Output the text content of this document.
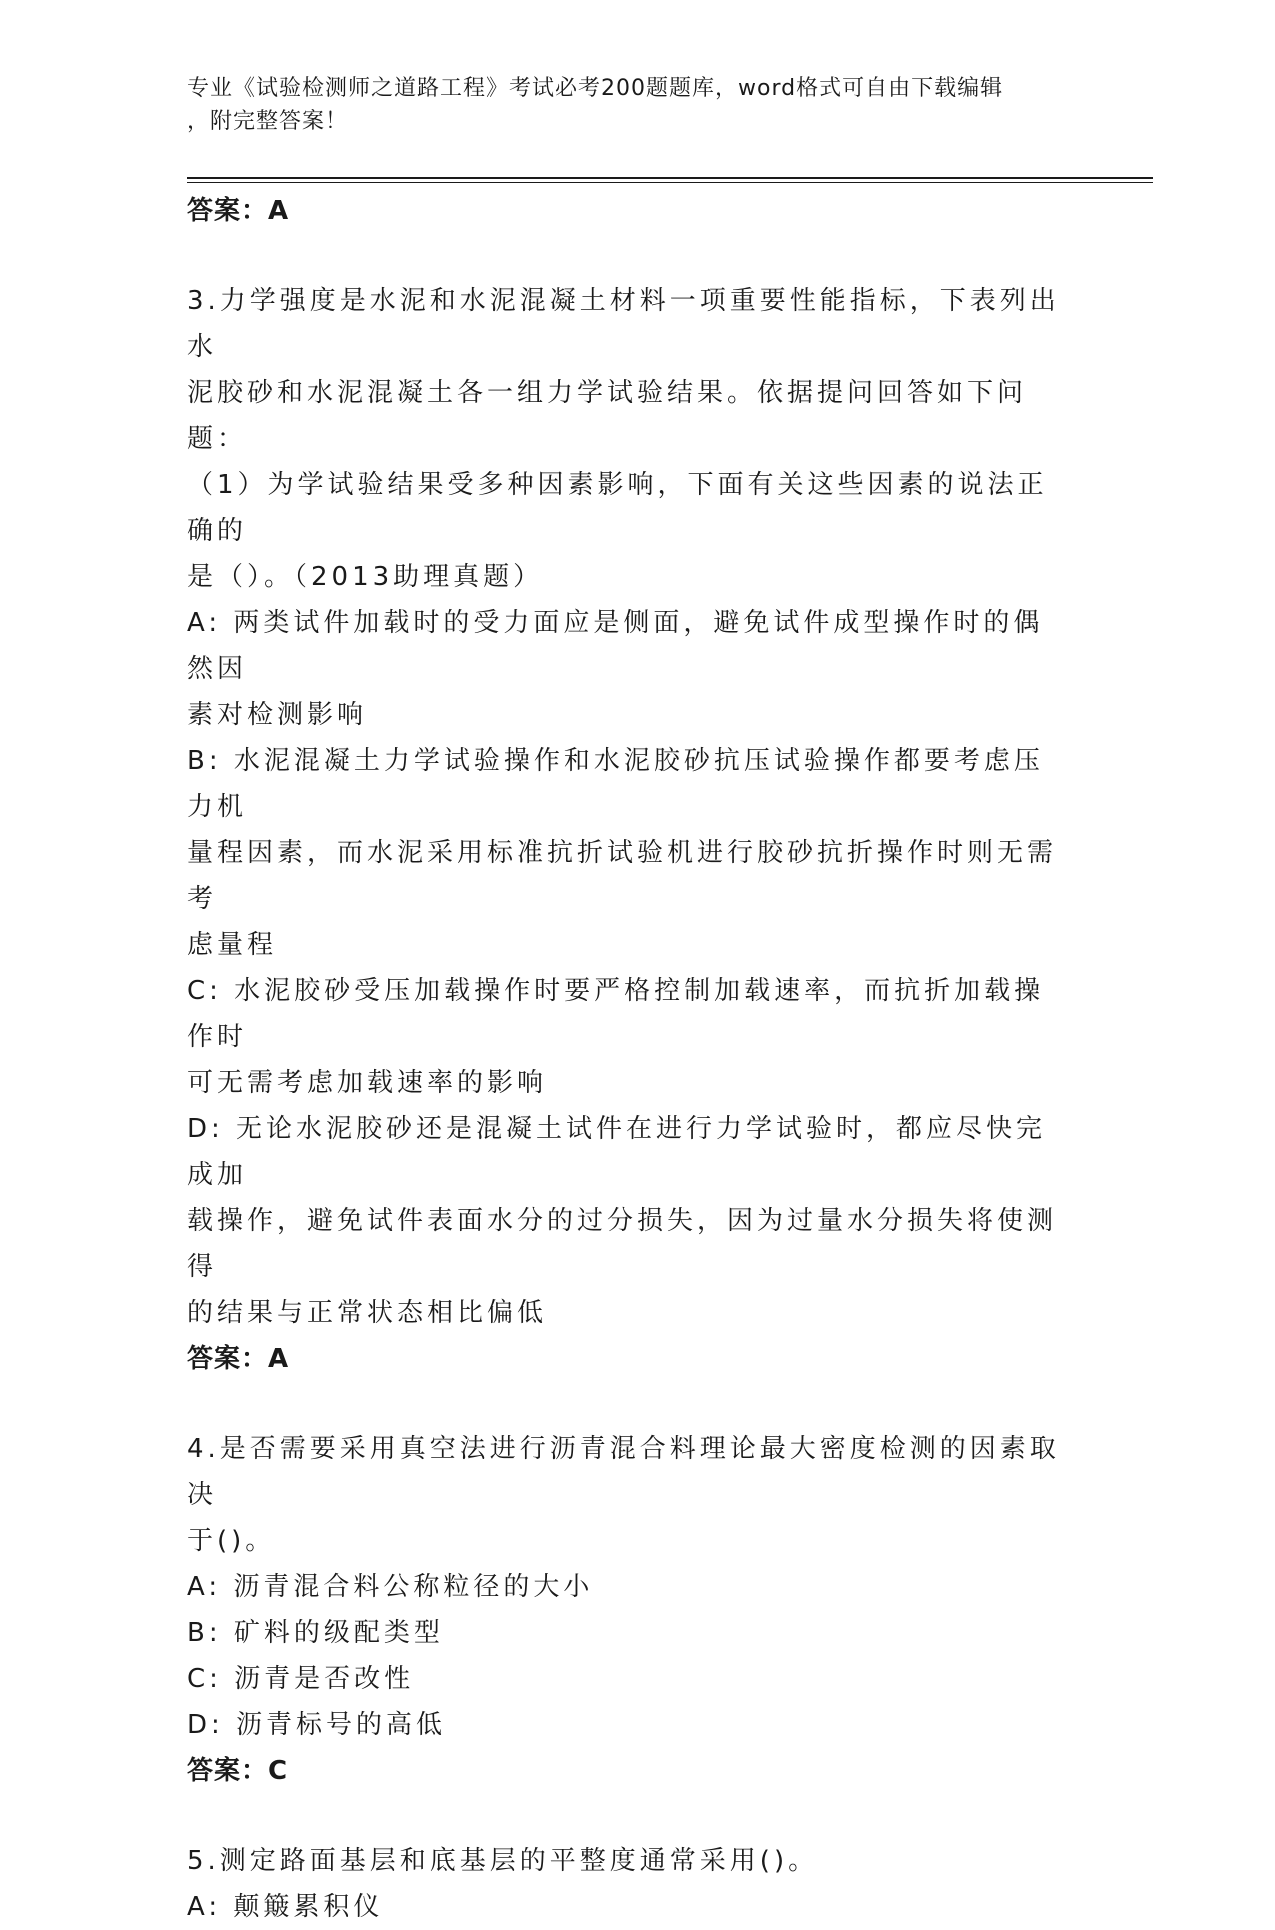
专业《试验检测师之道路工程》考试必考200题题库，word格式可自由下载编辑
，附完整答案！
答案：A
3.力学强度是水泥和水泥混凝土材料一项重要性能指标，下表列出水
泥胶砂和水泥混凝土各一组力学试验结果。依据提问回答如下问题：
（1）为学试验结果受多种因素影响，下面有关这些因素的说法正确的
是（）。（2013助理真题）
A: 两类试件加载时的受力面应是侧面，避免试件成型操作时的偶然因
素对检测影响
B: 水泥混凝土力学试验操作和水泥胶砂抗压试验操作都要考虑压力机
量程因素，而水泥采用标准抗折试验机进行胶砂抗折操作时则无需考
虑量程
C: 水泥胶砂受压加载操作时要严格控制加载速率，而抗折加载操作时
可无需考虑加载速率的影响
D: 无论水泥胶砂还是混凝土试件在进行力学试验时，都应尽快完成加
载操作，避免试件表面水分的过分损失，因为过量水分损失将使测得
的结果与正常状态相比偏低
答案：A
4.是否需要采用真空法进行沥青混合料理论最大密度检测的因素取决
于()。
A: 沥青混合料公称粒径的大小
B: 矿料的级配类型
C: 沥青是否改性
D: 沥青标号的高低
答案：C
5.测定路面基层和底基层的平整度通常采用()。
A: 颠簸累积仪
